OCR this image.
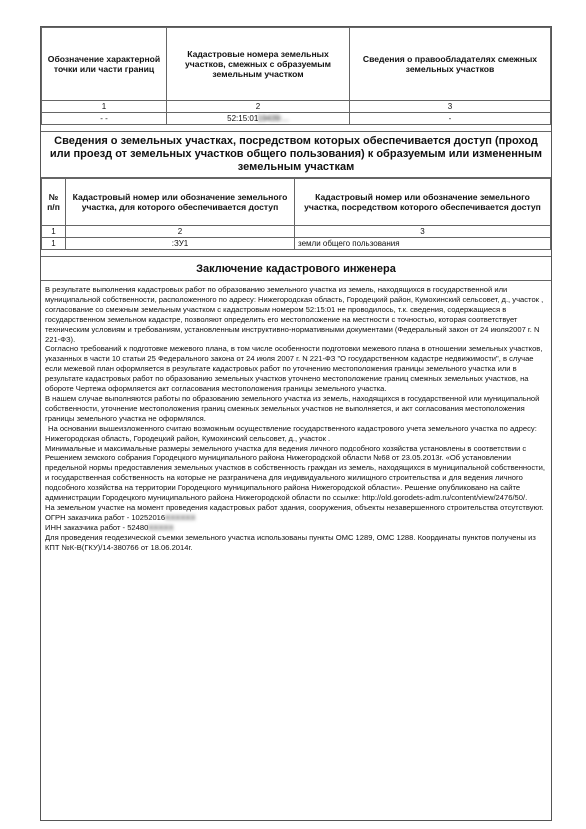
Обозначение характерной точки или части границ	Кадастровые номера земельных участков, смежных с образуемым земельным участком	Сведения о правообладателях смежных земельных участков
1	2	3
- -	52:15:0119439:...	-
Сведения о земельных участках, посредством которых обеспечивается доступ (проход или проезд от земельных участков общего пользования) к образуемым или измененным земельным участкам
№ п/п	Кадастровый номер или обозначение земельного участка, для которого обеспечивается доступ	Кадастровый номер или обозначение земельного участка, посредством которого обеспечивается доступ
1	2	3
1	:ЗУ1	земли общего пользования
Заключение кадастрового инженера

В результате выполнения кадастровых работ по образованию земельного участка из земель, находящихся в государственной или муниципальной собственности, расположенного по адресу: Нижегородская область, Городецкий район, Кумохинский сельсовет, д., участок , согласование со смежным земельным участком с кадастровым номером 52:15:01 не проводилось, т.к. сведения, содержащиеся в государственном земельном кадастре, позволяют определить его местоположение на местности с точностью, которая соответствует техническим условиям и требованиям, установленным инструктивно-нормативными документами (Федеральный закон от 24 июля2007 г. N 221-ФЗ).

Согласно требований к подготовке межевого плана, в том числе особенности подготовки межевого плана в отношении земельных участков, указанных в части 10 статьи 25 Федерального закона от 24 июля 2007 г. N 221-ФЗ "О государственном кадастре недвижимости", в случае если межевой план оформляется в результате кадастровых работ по уточнению местоположения границы земельного участка или в результате кадастровых работ по образованию земельных участков уточнено местоположение границ смежных земельных участков, на обороте Чертежа оформляется акт согласования местоположения границы земельного участка.

В нашем случае выполняются работы по образованию земельного участка из земель, находящихся в государственной или муниципальной собственности, уточнение местоположения границ смежных земельных участков не выполняется, и акт согласования местоположения границы земельного участка не оформлялся.

На основании вышеизложенного считаю возможным осуществление государственного кадастрового учета земельного участка по адресу: Нижегородская область, Городецкий район, Кумохинский сельсовет, д., участок .

Минимальные и максимальные размеры земельного участка для ведения личного подсобного хозяйства установлены в соответствии с Решением земского собрания Городецкого муниципального района Нижегородской области №68 от 23.05.2013г. «Об установлении предельной нормы предоставления земельных участков в собственность граждан из земель, находящихся в муниципальной собственности, и государственная собственность на которые не разграничена для индивидуального жилищного строительства и для ведения личного подсобного хозяйства на территории Городецкого муниципального района Нижегородской области». Решение опубликовано на сайте администрации Городецкого муниципального района Нижегородской области по ссылке: http://old.gorodets-adm.ru/content/view/2476/50/.

На земельном участке на момент проведения кадастровых работ здания, сооружения, объекты незавершенного строительства отсутствуют.

ОГРН заказчика работ - 10252016XXXXXX

ИНН заказчика работ - 52480XXXXX

Для проведения геодезической съемки земельного участка использованы пункты ОМС 1289, ОМС 1288. Координаты пунктов получены из КПТ №К-В(ГКУ)/14-380766 от 18.06.2014г.
